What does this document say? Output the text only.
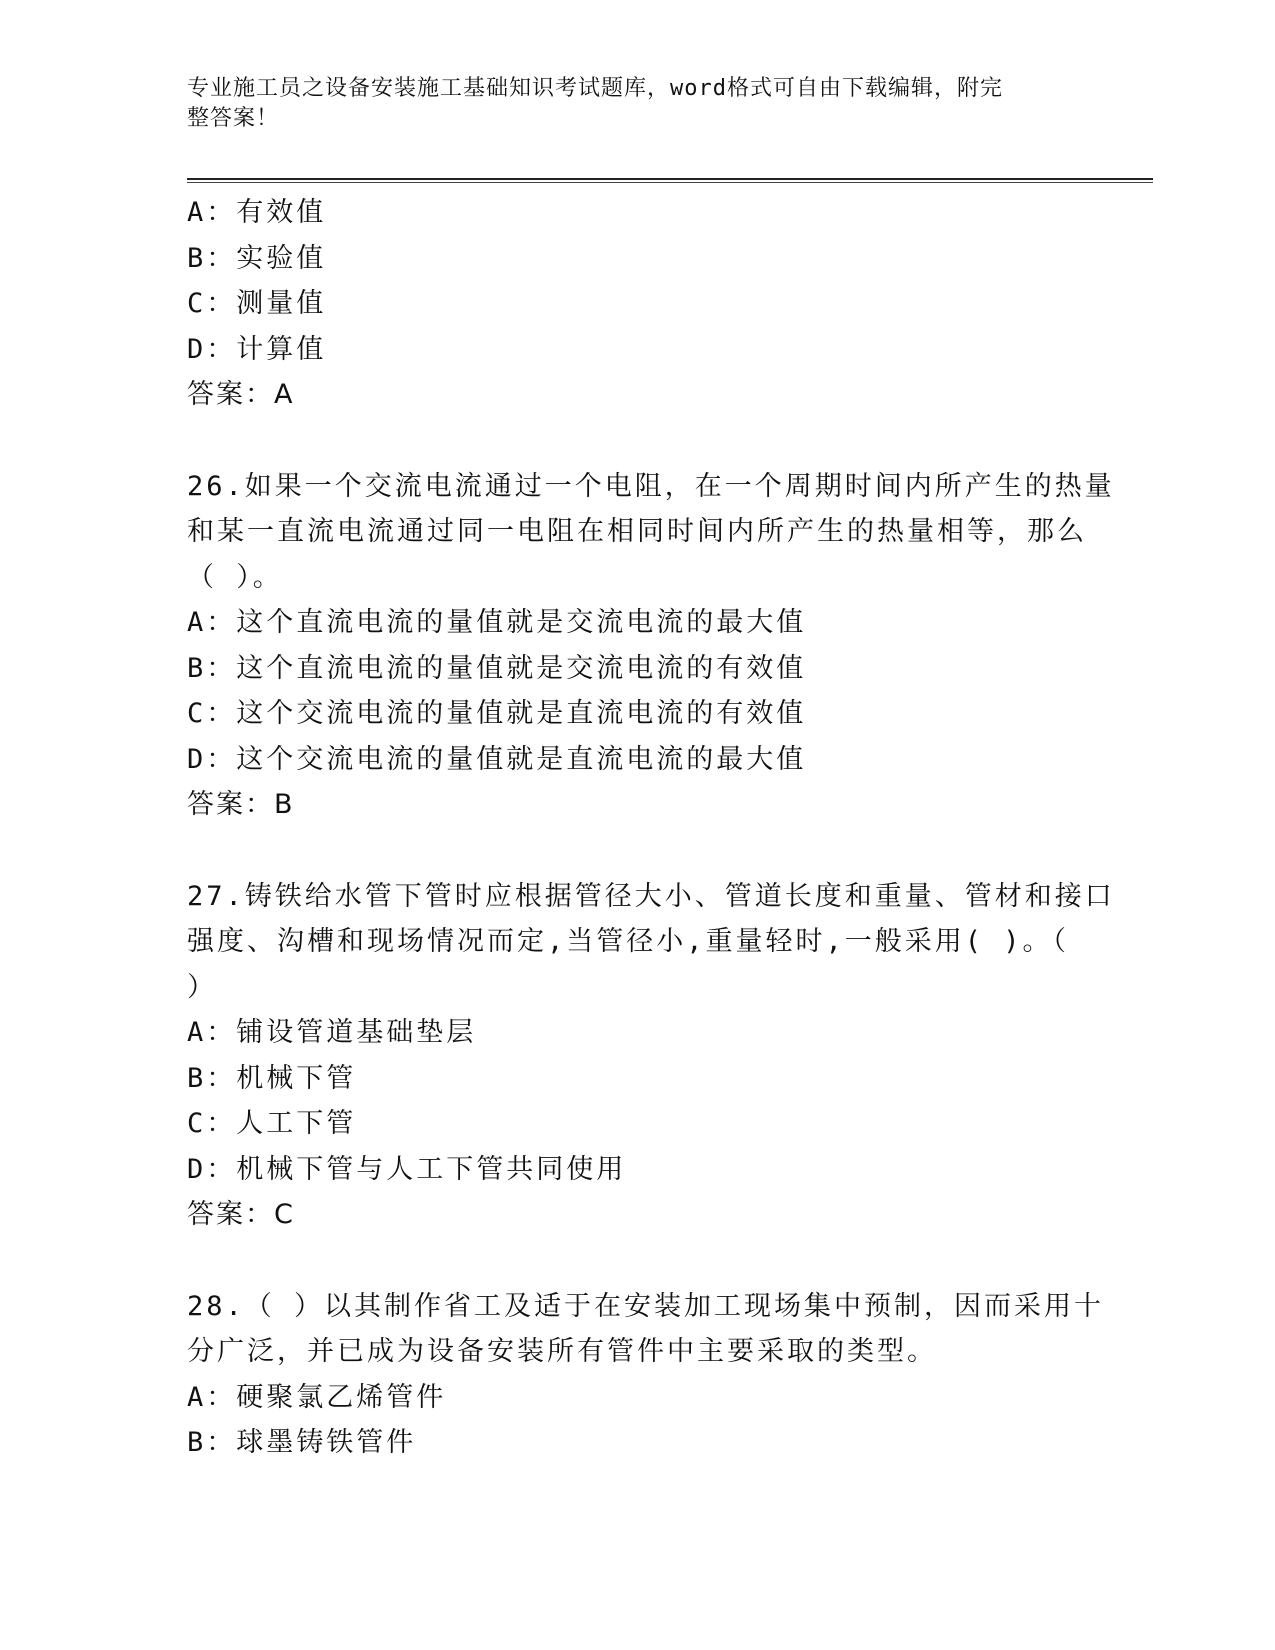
专业施工员之设备安装施工基础知识考试题库，word格式可自由下载编辑，附完
整答案！

A：有效值

B：实验值

C：测量值

D：计算值

答案：A

26.如果一个交流电流通过一个电阻，在一个周期时间内所产生的热量

和某一直流电流通过同一电阻在相同时间内所产生的热量相等，那么

（ ）。

A：这个直流电流的量值就是交流电流的最大值

B：这个直流电流的量值就是交流电流的有效值

C：这个交流电流的量值就是直流电流的有效值

D：这个交流电流的量值就是直流电流的最大值

答案：B

27.铸铁给水管下管时应根据管径大小、管道长度和重量、管材和接口

强度、沟槽和现场情况而定,当管径小,重量轻时,一般采用( )。（

）

A：铺设管道基础垫层

B：机械下管

C：人工下管

D：机械下管与人工下管共同使用

答案：C

28.（ ）以其制作省工及适于在安装加工现场集中预制，因而采用十

分广泛，并已成为设备安装所有管件中主要采取的类型。

A：硬聚氯乙烯管件

B：球墨铸铁管件
